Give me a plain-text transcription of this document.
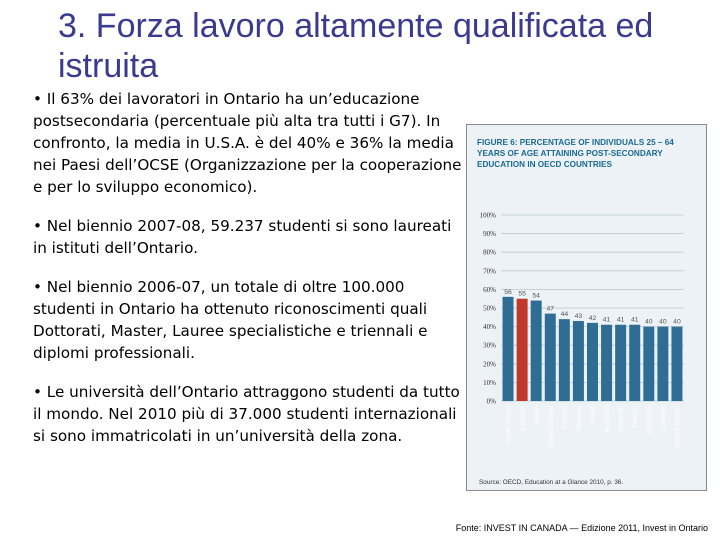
3. Forza lavoro altamente qualificata ed istruita
• Il 63% dei lavoratori in Ontario ha un’educazione postsecondaria (percentuale più alta tra tutti i G7). In confronto, la media in U.S.A. è del 40% e 36% la media nei Paesi dell’OCSE (Organizzazione per la cooperazione e per lo sviluppo economico).
• Nel biennio 2007-08, 59.237 studenti si sono laureati in istituti dell’Ontario.
• Nel biennio 2006-07, un totale di oltre 100.000 studenti in Ontario ha ottenuto riconoscimenti quali Dottorati, Master, Lauree specialistiche e triennali e diplomi professionali.
• Le università dell’Ontario attraggono studenti da tutto il mondo. Nel 2010 più di 37.000 studenti internazionali si sono immatricolati in un’università della zona.

FIGURE 6: PERCENTAGE OF INDIVIDUALS 25 – 64 YEARS OF AGE ATTAINING POST-SECONDARY EDUCATION IN OECD COUNTRIES

0%
10%
20%
30%
40%
50%
60%
70%
80%
90%
100%
56
South Korea
55
Canada
54
Japan
47
New Zealand
44
Finland
43
Norway
42
Israel
41
Australia
41
Belgium
41
France
40
Denmark
40
Sweden
40
United States

Source: OECD, Education at a Glance 2010, p. 36.

Fonte: INVEST IN CANADA — Edizione 2011, Invest in Ontario
